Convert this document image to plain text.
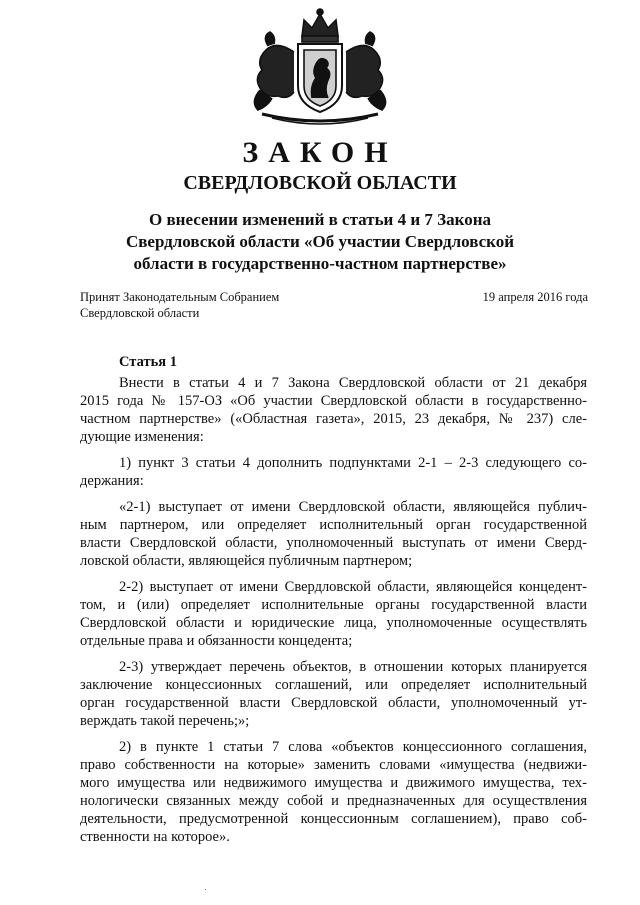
ЗАКОН
СВЕРДЛОВСКОЙ ОБЛАСТИ
О внесении изменений в статьи 4 и 7 Закона
Свердловской области «Об участии Свердловской
области в государственно-частном партнерстве»
Принят Законодательным Собранием
Свердловской области
19 апреля 2016 года
Статья 1
Внести в статьи 4 и 7 Закона Свердловской области от 21 декабря
2015 года № 157-ОЗ «Об участии Свердловской области в государственно-
частном партнерстве» («Областная газета», 2015, 23 декабря, № 237) сле-
дующие изменения:
1) пункт 3 статьи 4 дополнить подпунктами 2-1 – 2-3 следующего со-
держания:
«2-1) выступает от имени Свердловской области, являющейся публич-
ным партнером, или определяет исполнительный орган государственной
власти Свердловской области, уполномоченный выступать от имени Сверд-
ловской области, являющейся публичным партнером;
2-2) выступает от имени Свердловской области, являющейся концедент-
том, и (или) определяет исполнительные органы государственной власти
Свердловской области и юридические лица, уполномоченные осуществлять
отдельные права и обязанности концедента;
2-3) утверждает перечень объектов, в отношении которых планируется
заключение концессионных соглашений, или определяет исполнительный
орган государственной власти Свердловской области, уполномоченный ут-
верждать такой перечень;»;
2) в пункте 1 статьи 7 слова «объектов концессионного соглашения,
право собственности на которые» заменить словами «имущества (недвижи-
мого имущества или недвижимого имущества и движимого имущества, тех-
нологически связанных между собой и предназначенных для осуществления
деятельности, предусмотренной концессионным соглашением), право соб-
ственности на которое».
